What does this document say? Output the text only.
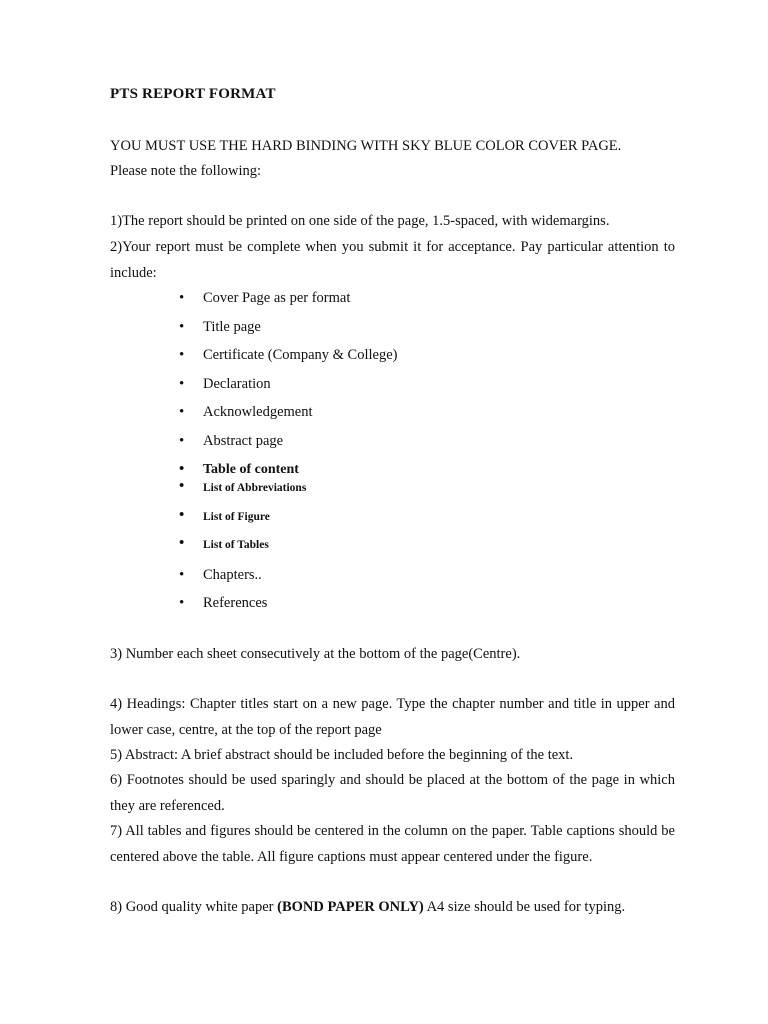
PTS REPORT FORMAT
YOU MUST USE THE HARD BINDING WITH SKY BLUE COLOR COVER PAGE.
Please note the following:
1)The report should be printed on one side of the page, 1.5-spaced, with widemargins.
2)Your report must be complete when you submit it for acceptance. Pay particular attention to include:
• Cover Page as per format
• Title page
• Certificate (Company & College)
• Declaration
• Acknowledgement
• Abstract page
• Table of content
• List of Abbreviations
• List of Figure
• List of Tables
• Chapters..
• References
3) Number each sheet consecutively at the bottom of the page(Centre).
4) Headings: Chapter titles start on a new page. Type the chapter number and title in upper and lower case, centre, at the top of the report page
5) Abstract: A brief abstract should be included before the beginning of the text.
6) Footnotes should be used sparingly and should be placed at the bottom of the page in which they are referenced.
7) All tables and figures should be centered in the column on the paper. Table captions should be centered above the table. All figure captions must appear centered under the figure.
8) Good quality white paper (BOND PAPER ONLY) A4 size should be used for typing.
